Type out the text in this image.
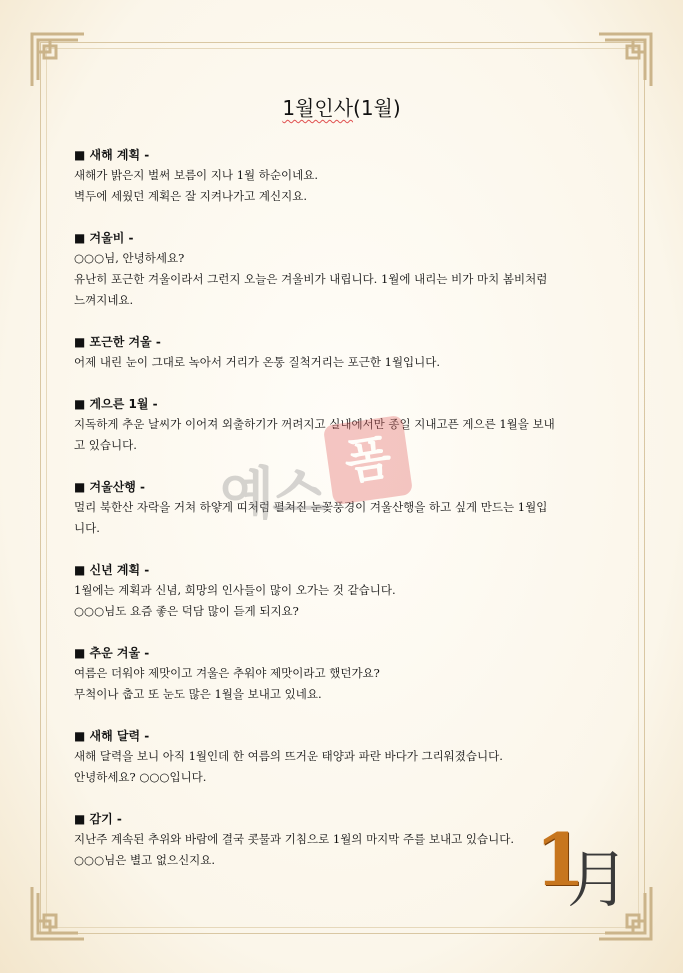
1월인사(1월)
■ 새해 계획 -
새해가 밝은지 벌써 보름이 지나 1월 하순이네요.
벽두에 세웠던 계획은 잘 지켜나가고 계신지요.
■ 겨울비 -
○○○님, 안녕하세요?
유난히 포근한 겨울이라서 그런지 오늘은 겨울비가 내립니다. 1월에 내리는 비가 마치 봄비처럼
느껴지네요.
■ 포근한 겨울 -
어제 내린 눈이 그대로 녹아서 거리가 온통 질척거리는 포근한 1월입니다.
■ 게으른 1월 -
지독하게 추운 날씨가 이어져 외출하기가 꺼려지고 실내에서만 종일 지내고픈 게으른 1월을 보내
고 있습니다.
■ 겨울산행 -
멀리 북한산 자락을 거쳐 하얗게 띠처럼 펼쳐진 눈꽃풍경이 겨울산행을 하고 싶게 만드는 1월입
니다.
■ 신년 계획 -
1월에는 계획과 신념, 희망의 인사들이 많이 오가는 것 같습니다.
○○○님도 요즘 좋은 덕담 많이 듣게 되지요?
■ 추운 겨울 -
여름은 더워야 제맛이고 겨울은 추워야 제맛이라고 했던가요?
무척이나 춥고 또 눈도 많은 1월을 보내고 있네요.
■ 새해 달력 -
새해 달력을 보니 아직 1월인데 한 여름의 뜨거운 태양과 파란 바다가 그리워졌습니다.
안녕하세요? ○○○입니다.
■ 감기 -
지난주 계속된 추위와 바람에 결국 콧물과 기침으로 1월의 마지막 주를 보내고 있습니다.
○○○님은 별고 없으신지요.
예스
폼
1
月
